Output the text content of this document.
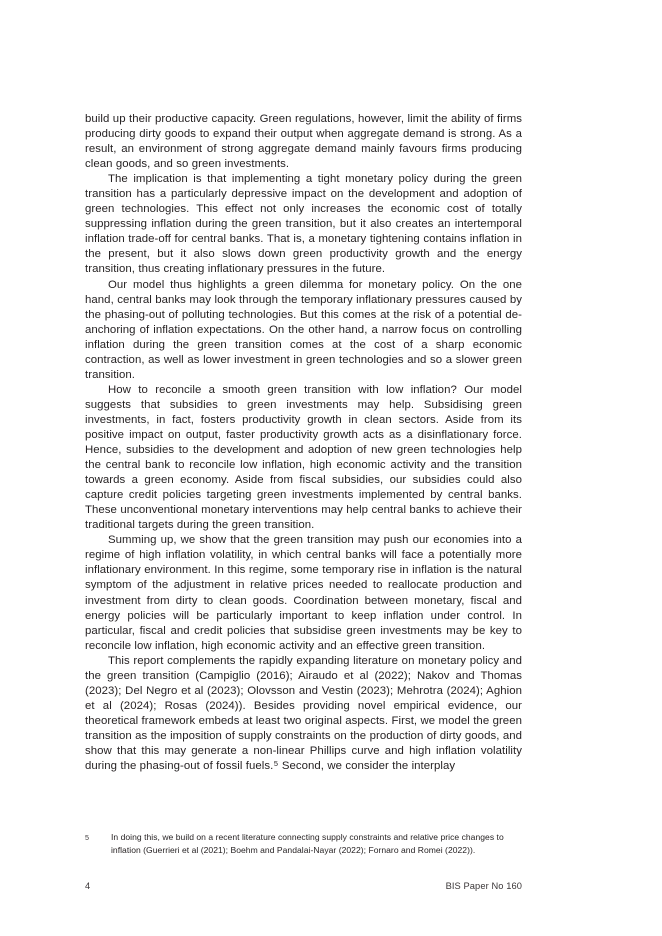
build up their productive capacity. Green regulations, however, limit the ability of firms producing dirty goods to expand their output when aggregate demand is strong. As a result, an environment of strong aggregate demand mainly favours firms producing clean goods, and so green investments.

The implication is that implementing a tight monetary policy during the green transition has a particularly depressive impact on the development and adoption of green technologies. This effect not only increases the economic cost of totally suppressing inflation during the green transition, but it also creates an intertemporal inflation trade-off for central banks. That is, a monetary tightening contains inflation in the present, but it also slows down green productivity growth and the energy transition, thus creating inflationary pressures in the future.

Our model thus highlights a green dilemma for monetary policy. On the one hand, central banks may look through the temporary inflationary pressures caused by the phasing-out of polluting technologies. But this comes at the risk of a potential de-anchoring of inflation expectations. On the other hand, a narrow focus on controlling inflation during the green transition comes at the cost of a sharp economic contraction, as well as lower investment in green technologies and so a slower green transition.

How to reconcile a smooth green transition with low inflation? Our model suggests that subsidies to green investments may help. Subsidising green investments, in fact, fosters productivity growth in clean sectors. Aside from its positive impact on output, faster productivity growth acts as a disinflationary force. Hence, subsidies to the development and adoption of new green technologies help the central bank to reconcile low inflation, high economic activity and the transition towards a green economy. Aside from fiscal subsidies, our subsidies could also capture credit policies targeting green investments implemented by central banks. These unconventional monetary interventions may help central banks to achieve their traditional targets during the green transition.

Summing up, we show that the green transition may push our economies into a regime of high inflation volatility, in which central banks will face a potentially more inflationary environment. In this regime, some temporary rise in inflation is the natural symptom of the adjustment in relative prices needed to reallocate production and investment from dirty to clean goods. Coordination between monetary, fiscal and energy policies will be particularly important to keep inflation under control. In particular, fiscal and credit policies that subsidise green investments may be key to reconcile low inflation, high economic activity and an effective green transition.

This report complements the rapidly expanding literature on monetary policy and the green transition (Campiglio (2016); Airaudo et al (2022); Nakov and Thomas (2023); Del Negro et al (2023); Olovsson and Vestin (2023); Mehrotra (2024); Aghion et al (2024); Rosas (2024)). Besides providing novel empirical evidence, our theoretical framework embeds at least two original aspects. First, we model the green transition as the imposition of supply constraints on the production of dirty goods, and show that this may generate a non-linear Phillips curve and high inflation volatility during the phasing-out of fossil fuels.$^5$ Second, we consider the interplay

5	In doing this, we build on a recent literature connecting supply constraints and relative price changes to inflation (Guerrieri et al (2021); Boehm and Pandalai-Nayar (2022); Fornaro and Romei (2022)).

4	BIS Paper No 160
